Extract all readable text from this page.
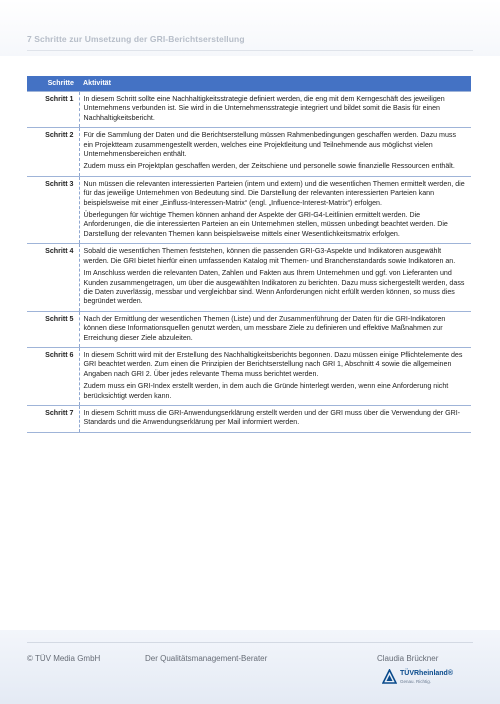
7 Schritte zur Umsetzung der GRI-Berichtserstellung
Schritte	Aktivität
Schritt 1	In diesem Schritt sollte eine Nachhaltigkeitsstrategie definiert werden, die eng mit dem Kerngeschäft des jeweiligen Unternehmens verbunden ist. Sie wird in die Unternehmensstrategie integriert und bildet somit die Basis für einen Nachhaltigkeitsbericht.

Schritt 2	Für die Sammlung der Daten und die Berichtserstellung müssen Rahmenbedingungen geschaffen werden. Dazu muss ein Projektteam zusammengestellt werden, welches eine Projektleitung und Teilnehmende aus möglichst vielen Unternehmensbereichen enthält.

Zudem muss ein Projektplan geschaffen werden, der Zeitschiene und personelle sowie finanzielle Ressourcen enthält.

Schritt 3	Nun müssen die relevanten interessierten Parteien (intern und extern) und die wesentlichen Themen ermittelt werden, die für das jeweilige Unternehmen von Bedeutung sind. Die Darstellung der relevanten interessierten Parteien kann beispielsweise mit einer „Einfluss-Interessen-Matrix“ (engl. „Influence-Interest-Matrix“) erfolgen.

Überlegungen für wichtige Themen können anhand der Aspekte der GRI-G4-Leitlinien ermittelt werden. Die Anforderungen, die die interessierten Parteien an ein Unternehmen stellen, müssen unbedingt beachtet werden. Die Darstellung der relevanten Themen kann beispielsweise mittels einer Wesentlichkeitsmatrix erfolgen.

Schritt 4	Sobald die wesentlichen Themen feststehen, können die passenden GRI-G3-Aspekte und Indikatoren ausgewählt werden. Die GRI bietet hierfür einen umfassenden Katalog mit Themen- und Branchenstandards sowie Indikatoren an.

Im Anschluss werden die relevanten Daten, Zahlen und Fakten aus Ihrem Unternehmen und ggf. von Lieferanten und Kunden zusammengetragen, um über die ausgewählten Indikatoren zu berichten. Dazu muss sichergestellt werden, dass die Daten zuverlässig, messbar und vergleichbar sind. Wenn Anforderungen nicht erfüllt werden können, so muss dies begründet werden.

Schritt 5	Nach der Ermittlung der wesentlichen Themen (Liste) und der Zusammenführung der Daten für die GRI-Indikatoren können diese Informationsquellen genutzt werden, um messbare Ziele zu definieren und effektive Maßnahmen zur Erreichung dieser Ziele abzuleiten.

Schritt 6	In diesem Schritt wird mit der Erstellung des Nachhaltigkeitsberichts begonnen. Dazu müssen einige Pflichtelemente des GRI beachtet werden. Zum einen die Prinzipien der Berichtserstellung nach GRI 1, Abschnitt 4 sowie die allgemeinen Angaben nach GRI 2. Über jedes relevante Thema muss berichtet werden.

Zudem muss ein GRI-Index erstellt werden, in dem auch die Gründe hinterlegt werden, wenn eine Anforderung nicht berücksichtigt werden kann.

Schritt 7	In diesem Schritt muss die GRI-Anwendungserklärung erstellt werden und der GRI muss über die Verwendung der GRI-Standards und die Anwendungserklärung per Mail informiert werden.

© TÜV Media GmbH	Der Qualitätsmanagement-Berater	Claudia Brückner
TÜVRheinland®
Genau. Richtig.
